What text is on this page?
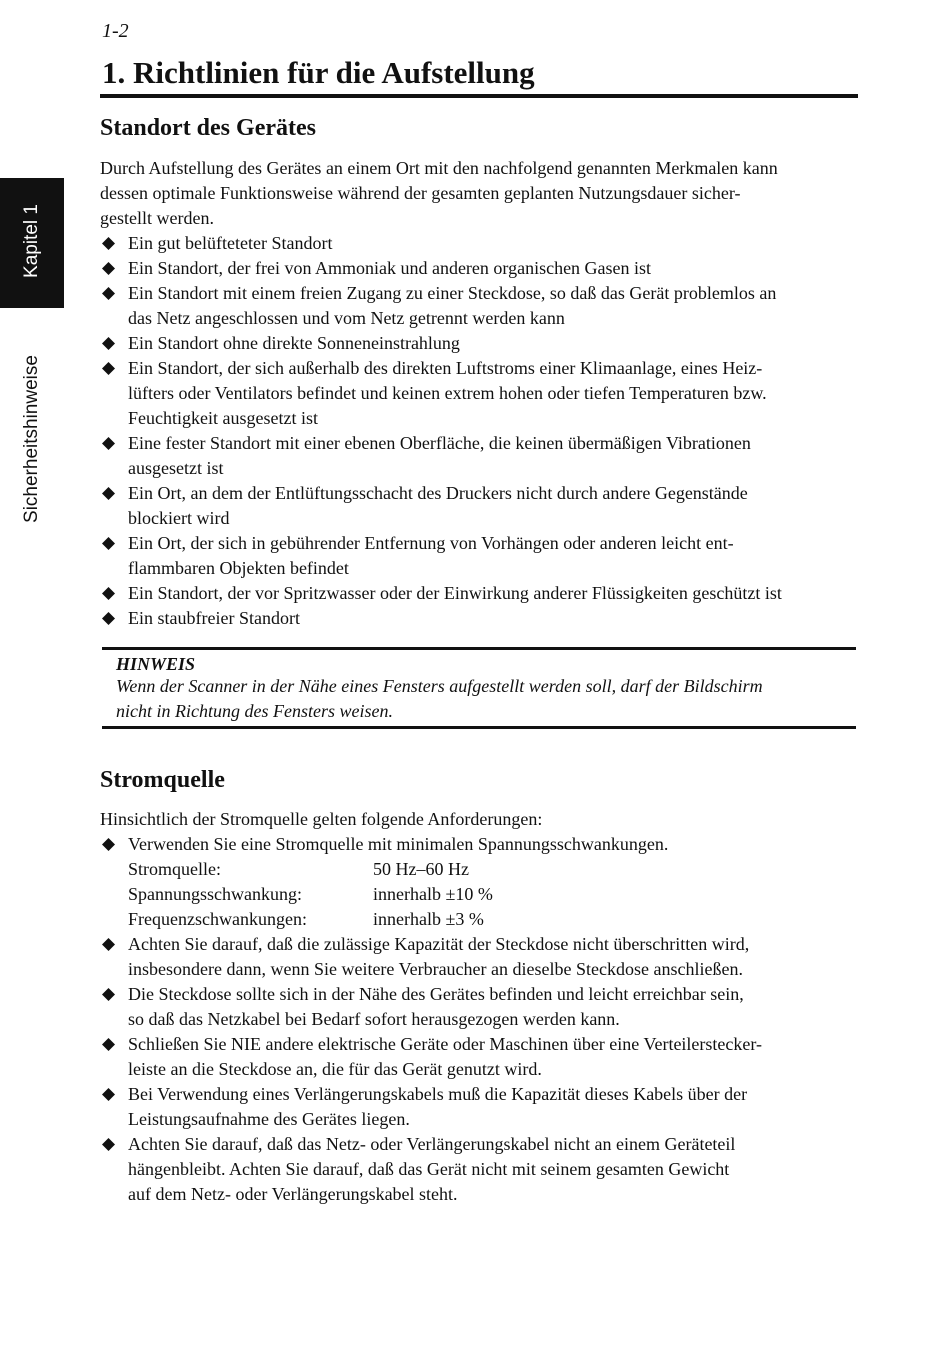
1-2
1. Richtlinien für die Aufstellung
Kapitel 1
Sicherheitshinweise
Standort des Gerätes
Durch Aufstellung des Gerätes an einem Ort mit den nachfolgend genannten Merkmalen kann
dessen optimale Funktionsweise während der gesamten geplanten Nutzungsdauer sicher-
gestellt werden.
Ein gut belüfteteter Standort
Ein Standort, der frei von Ammoniak und anderen organischen Gasen ist
Ein Standort mit einem freien Zugang zu einer Steckdose, so daß das Gerät problemlos an
das Netz angeschlossen und vom Netz getrennt werden kann
Ein Standort ohne direkte Sonneneinstrahlung
Ein Standort, der sich außerhalb des direkten Luftstroms einer Klimaanlage, eines Heiz-
lüfters oder Ventilators befindet und keinen extrem hohen oder tiefen Temperaturen bzw.
Feuchtigkeit ausgesetzt ist
Eine fester Standort mit einer ebenen Oberfläche, die keinen übermäßigen Vibrationen
ausgesetzt ist
Ein Ort, an dem der Entlüftungsschacht des Druckers nicht durch andere Gegenstände
blockiert wird
Ein Ort, der sich in gebührender Entfernung von Vorhängen oder anderen leicht ent-
flammbaren Objekten befindet
Ein Standort, der vor Spritzwasser oder der Einwirkung anderer Flüssigkeiten geschützt ist
Ein staubfreier Standort
HINWEIS
Wenn der Scanner in der Nähe eines Fensters aufgestellt werden soll, darf der Bildschirm
nicht in Richtung des Fensters weisen.
Stromquelle
Hinsichtlich der Stromquelle gelten folgende Anforderungen:
Verwenden Sie eine Stromquelle mit minimalen Spannungsschwankungen.
Stromquelle:	50 Hz–60 Hz
Spannungsschwankung:	innerhalb ±10 %
Frequenzschwankungen:	innerhalb ±3 %
Achten Sie darauf, daß die zulässige Kapazität der Steckdose nicht überschritten wird,
insbesondere dann, wenn Sie weitere Verbraucher an dieselbe Steckdose anschließen.
Die Steckdose sollte sich in der Nähe des Gerätes befinden und leicht erreichbar sein,
so daß das Netzkabel bei Bedarf sofort herausgezogen werden kann.
Schließen Sie NIE andere elektrische Geräte oder Maschinen über eine Verteilerstecker-
leiste an die Steckdose an, die für das Gerät genutzt wird.
Bei Verwendung eines Verlängerungskabels muß die Kapazität dieses Kabels über der
Leistungsaufnahme des Gerätes liegen.
Achten Sie darauf, daß das Netz- oder Verlängerungskabel nicht an einem Geräteteil
hängenbleibt. Achten Sie darauf, daß das Gerät nicht mit seinem gesamten Gewicht
auf dem Netz- oder Verlängerungskabel steht.
